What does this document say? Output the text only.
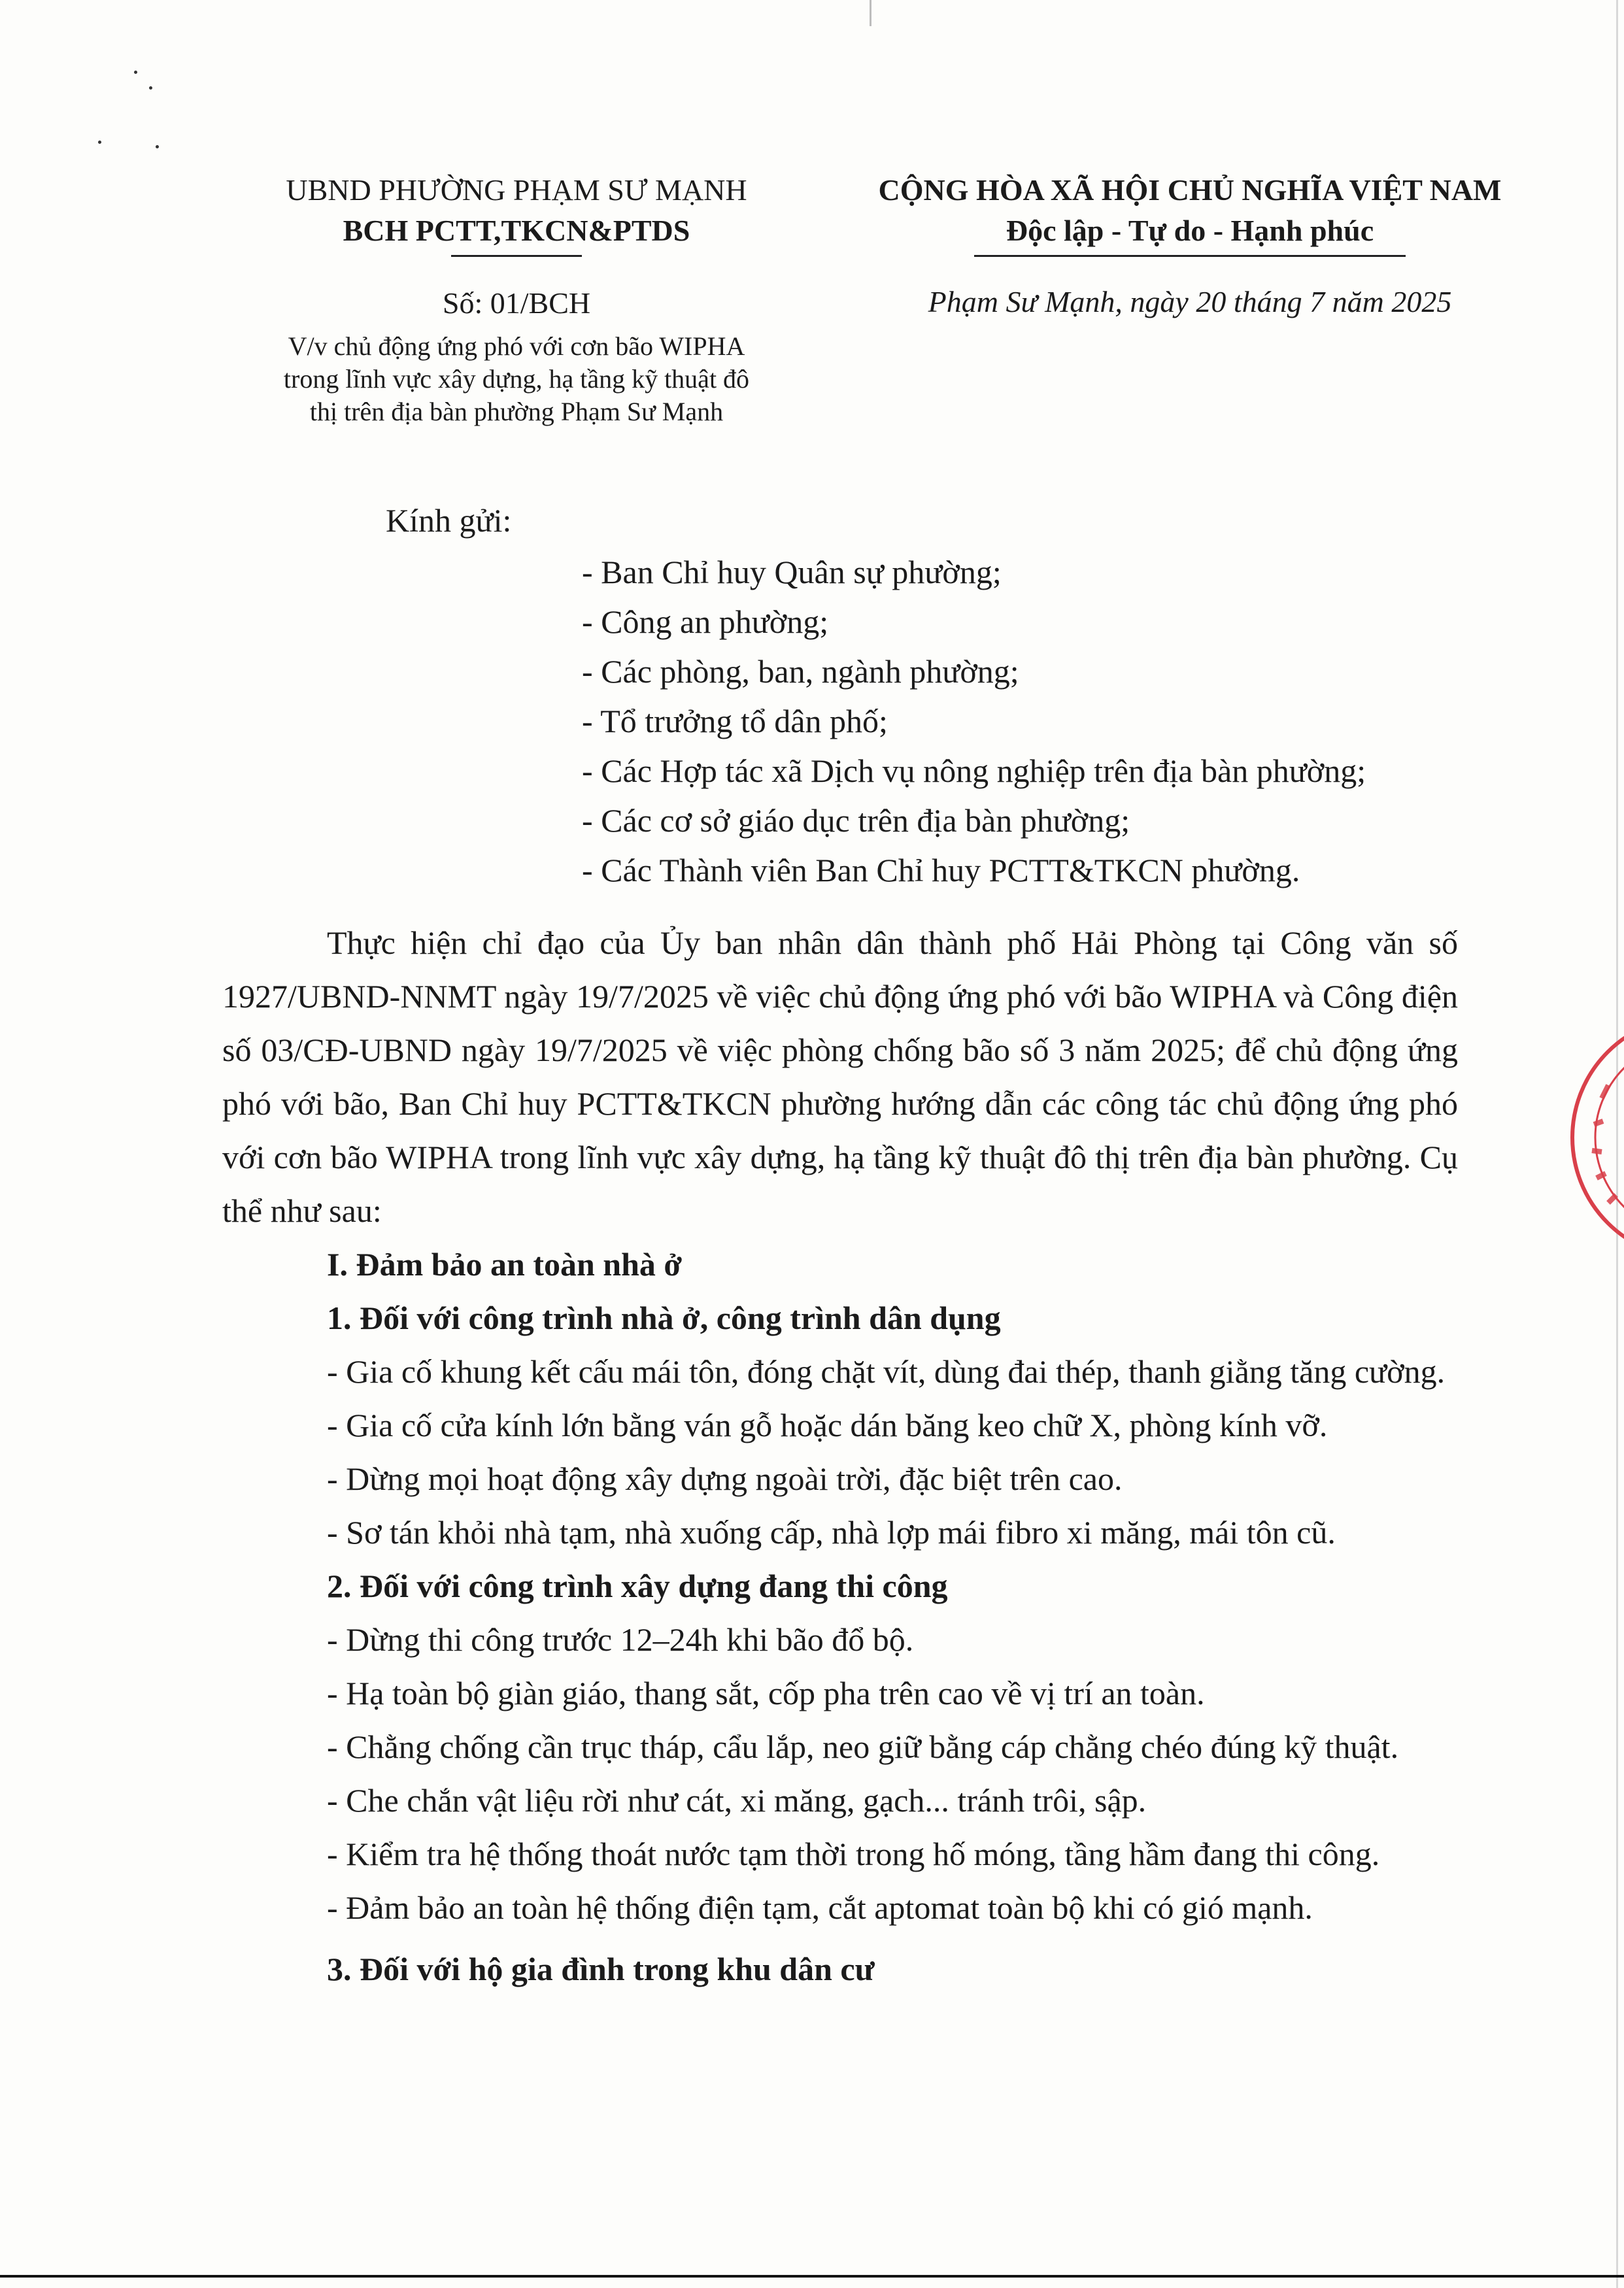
UBND PHƯỜNG PHẠM SƯ MẠNH
BCH PCTT,TKCN&PTDS
Số: 01/BCH
V/v chủ động ứng phó với cơn bão WIPHA
trong lĩnh vực xây dựng, hạ tầng kỹ thuật đô
thị trên địa bàn phường Phạm Sư Mạnh
CỘNG HÒA XÃ HỘI CHỦ NGHĨA VIỆT NAM
Độc lập - Tự do - Hạnh phúc
Phạm Sư Mạnh, ngày 20 tháng 7 năm 2025
Kính gửi:
- Ban Chỉ huy Quân sự phường;
- Công an phường;
- Các phòng, ban, ngành phường;
- Tổ trưởng tổ dân phố;
- Các Hợp tác xã Dịch vụ nông nghiệp trên địa bàn phường;
- Các cơ sở giáo dục trên địa bàn phường;
- Các Thành viên Ban Chỉ huy PCTT&TKCN phường.
Thực hiện chỉ đạo của Ủy ban nhân dân thành phố Hải Phòng tại Công văn số 1927/UBND-NNMT ngày 19/7/2025 về việc chủ động ứng phó với bão WIPHA và Công điện số 03/CĐ-UBND ngày 19/7/2025 về việc phòng chống bão số 3 năm 2025; để chủ động ứng phó với bão, Ban Chỉ huy PCTT&TKCN phường hướng dẫn các công tác chủ động ứng phó với cơn bão WIPHA trong lĩnh vực xây dựng, hạ tầng kỹ thuật đô thị trên địa bàn phường. Cụ thể như sau:
I. Đảm bảo an toàn nhà ở
1. Đối với công trình nhà ở, công trình dân dụng
- Gia cố khung kết cấu mái tôn, đóng chặt vít, dùng đai thép, thanh giằng tăng cường.
- Gia cố cửa kính lớn bằng ván gỗ hoặc dán băng keo chữ X, phòng kính vỡ.
- Dừng mọi hoạt động xây dựng ngoài trời, đặc biệt trên cao.
- Sơ tán khỏi nhà tạm, nhà xuống cấp, nhà lợp mái fibro xi măng, mái tôn cũ.
2. Đối với công trình xây dựng đang thi công
- Dừng thi công trước 12–24h khi bão đổ bộ.
- Hạ toàn bộ giàn giáo, thang sắt, cốp pha trên cao về vị trí an toàn.
- Chằng chống cần trục tháp, cẩu lắp, neo giữ bằng cáp chằng chéo đúng kỹ thuật.
- Che chắn vật liệu rời như cát, xi măng, gạch... tránh trôi, sập.
- Kiểm tra hệ thống thoát nước tạm thời trong hố móng, tầng hầm đang thi công.
- Đảm bảo an toàn hệ thống điện tạm, cắt aptomat toàn bộ khi có gió mạnh.
3. Đối với hộ gia đình trong khu dân cư
